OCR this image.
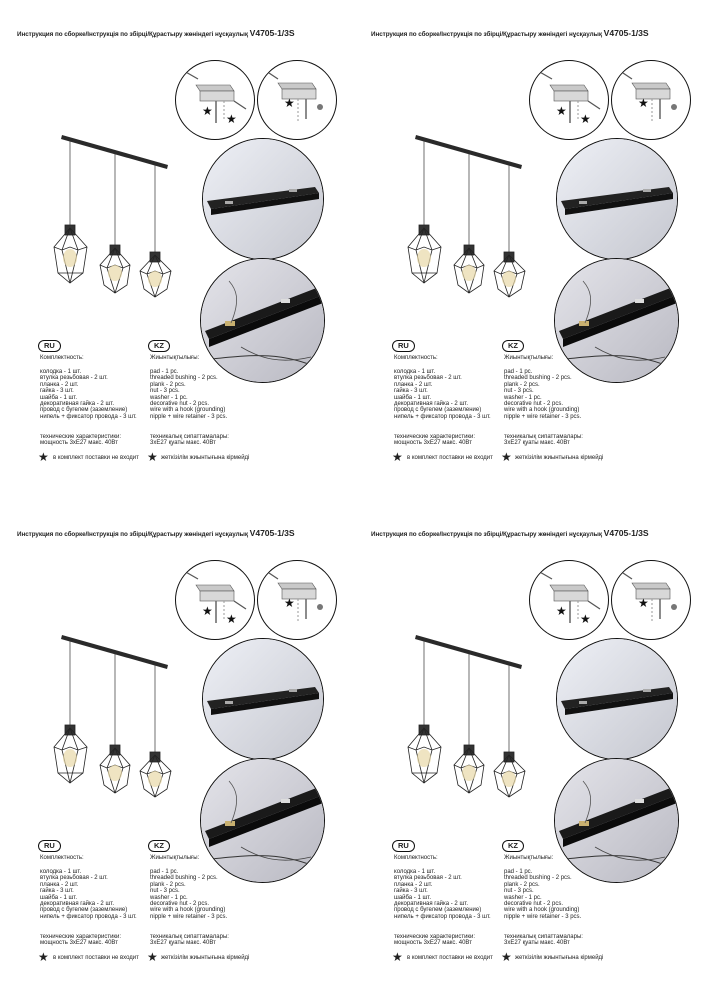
Инструкция по сборке/Інструкція по збірці/Құрастыру жөніндегі нұсқаулық V4705-1/3S
★
★
★
RU	KZ
Комплектность:	Жиынтықтылығы:
колодка - 1 шт.
втулка резьбовая - 2 шт.
планка - 2 шт.
гайка - 3 шт.
шайба - 1 шт.
декоративная гайка - 2 шт.
провод с бугелем (заземление)
нипель + фиксатор провода - 3 шт.
pad - 1 pc.
threaded bushing - 2 pcs.
plank - 2 pcs.
nut - 3 pcs.
washer - 1 pc.
decorative nut - 2 pcs.
wire with a hook (grounding)
nipple + wire retainer - 3 pcs.
технические характеристики:
мощность 3хЕ27 макс. 40Вт
техникалық сипаттамалары:
3хЕ27 қуаты макс. 40Вт
★ в комплект поставки не входит ★ жеткізілім жиынтығына кірмейді
Инструкция по сборке/Інструкція по збірці/Құрастыру жөніндегі нұсқаулық V4705-1/3S
★
★
★
RU	KZ
Комплектность:	Жиынтықтылығы:
колодка - 1 шт.
втулка резьбовая - 2 шт.
планка - 2 шт.
гайка - 3 шт.
шайба - 1 шт.
декоративная гайка - 2 шт.
провод с бугелем (заземление)
нипель + фиксатор провода - 3 шт.
pad - 1 pc.
threaded bushing - 2 pcs.
plank - 2 pcs.
nut - 3 pcs.
washer - 1 pc.
decorative nut - 2 pcs.
wire with a hook (grounding)
nipple + wire retainer - 3 pcs.
технические характеристики:
мощность 3хЕ27 макс. 40Вт
техникалық сипаттамалары:
3хЕ27 қуаты макс. 40Вт
★ в комплект поставки не входит ★ жеткізілім жиынтығына кірмейді
Инструкция по сборке/Інструкція по збірці/Құрастыру жөніндегі нұсқаулық V4705-1/3S
★
★
★
RU	KZ
Комплектность:	Жиынтықтылығы:
колодка - 1 шт.
втулка резьбовая - 2 шт.
планка - 2 шт.
гайка - 3 шт.
шайба - 1 шт.
декоративная гайка - 2 шт.
провод с бугелем (заземление)
нипель + фиксатор провода - 3 шт.
pad - 1 pc.
threaded bushing - 2 pcs.
plank - 2 pcs.
nut - 3 pcs.
washer - 1 pc.
decorative nut - 2 pcs.
wire with a hook (grounding)
nipple + wire retainer - 3 pcs.
технические характеристики:
мощность 3хЕ27 макс. 40Вт
техникалық сипаттамалары:
3хЕ27 қуаты макс. 40Вт
★ в комплект поставки не входит ★ жеткізілім жиынтығына кірмейді
Инструкция по сборке/Інструкція по збірці/Құрастыру жөніндегі нұсқаулық V4705-1/3S
★
★
★
RU	KZ
Комплектность:	Жиынтықтылығы:
колодка - 1 шт.
втулка резьбовая - 2 шт.
планка - 2 шт.
гайка - 3 шт.
шайба - 1 шт.
декоративная гайка - 2 шт.
провод с бугелем (заземление)
нипель + фиксатор провода - 3 шт.
pad - 1 pc.
threaded bushing - 2 pcs.
plank - 2 pcs.
nut - 3 pcs.
washer - 1 pc.
decorative nut - 2 pcs.
wire with a hook (grounding)
nipple + wire retainer - 3 pcs.
технические характеристики:
мощность 3хЕ27 макс. 40Вт
техникалық сипаттамалары:
3хЕ27 қуаты макс. 40Вт
★ в комплект поставки не входит ★ жеткізілім жиынтығына кірмейді
